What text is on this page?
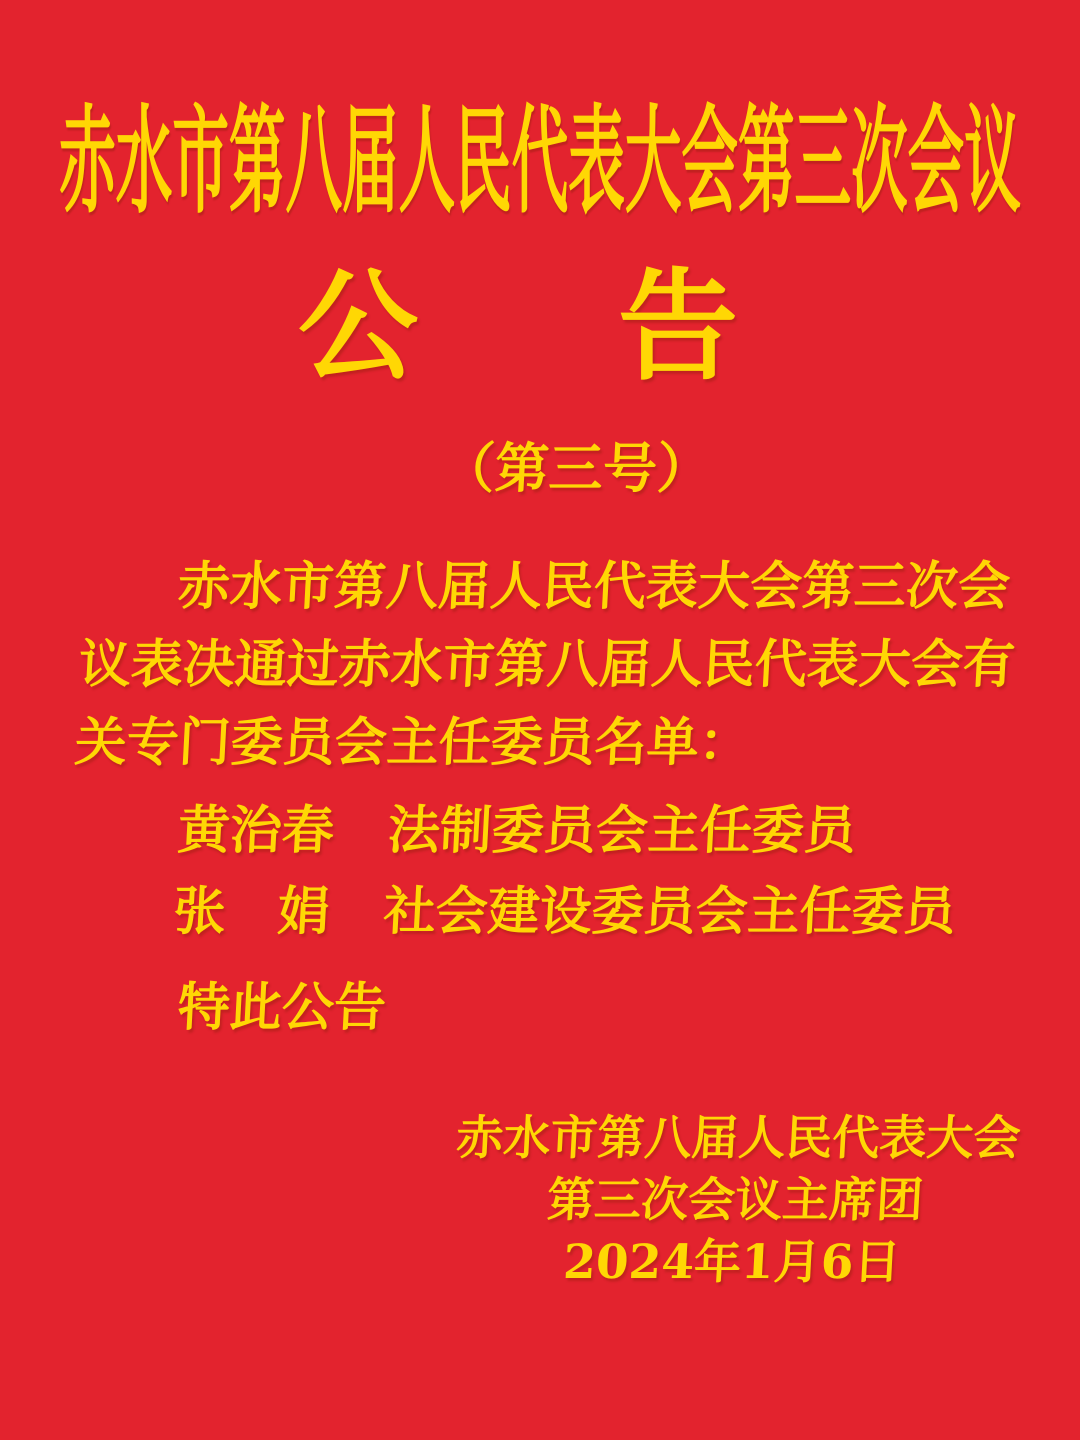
赤水市第八届人民代表大会第三次会议
公 告
（第三号）
赤水市第八届人民代表大会第三次会
议表决通过赤水市第八届人民代表大会有
关专门委员会主任委员名单：
黄治春 法制委员会主任委员
张　娟 社会建设委员会主任委员
特此公告
赤水市第八届人民代表大会
第三次会议主席团
2024年1月6日
